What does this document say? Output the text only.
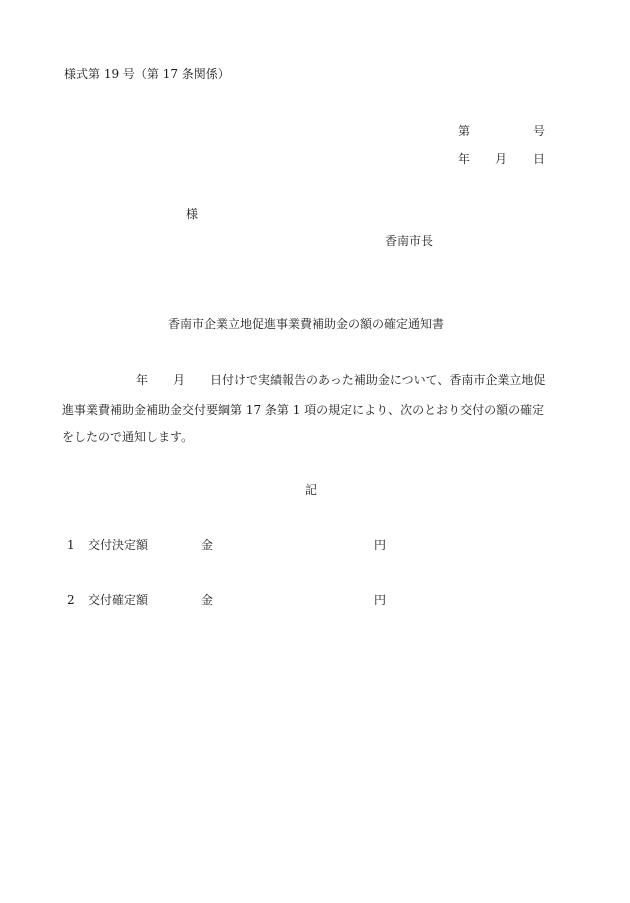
様式第 19 号（第 17 条関係）
第	号
年 月 日
様
香南市長
香南市企業立地促進事業費補助金の額の確定通知書
年 月 日付けで実績報告のあった補助金について、香南市企業立地促
進事業費補助金補助金交付要綱第 17 条第 1 項の規定により、次のとおり交付の額の確定
をしたので通知します。
記
1 交付決定額	金	円
2 交付確定額	金	円
